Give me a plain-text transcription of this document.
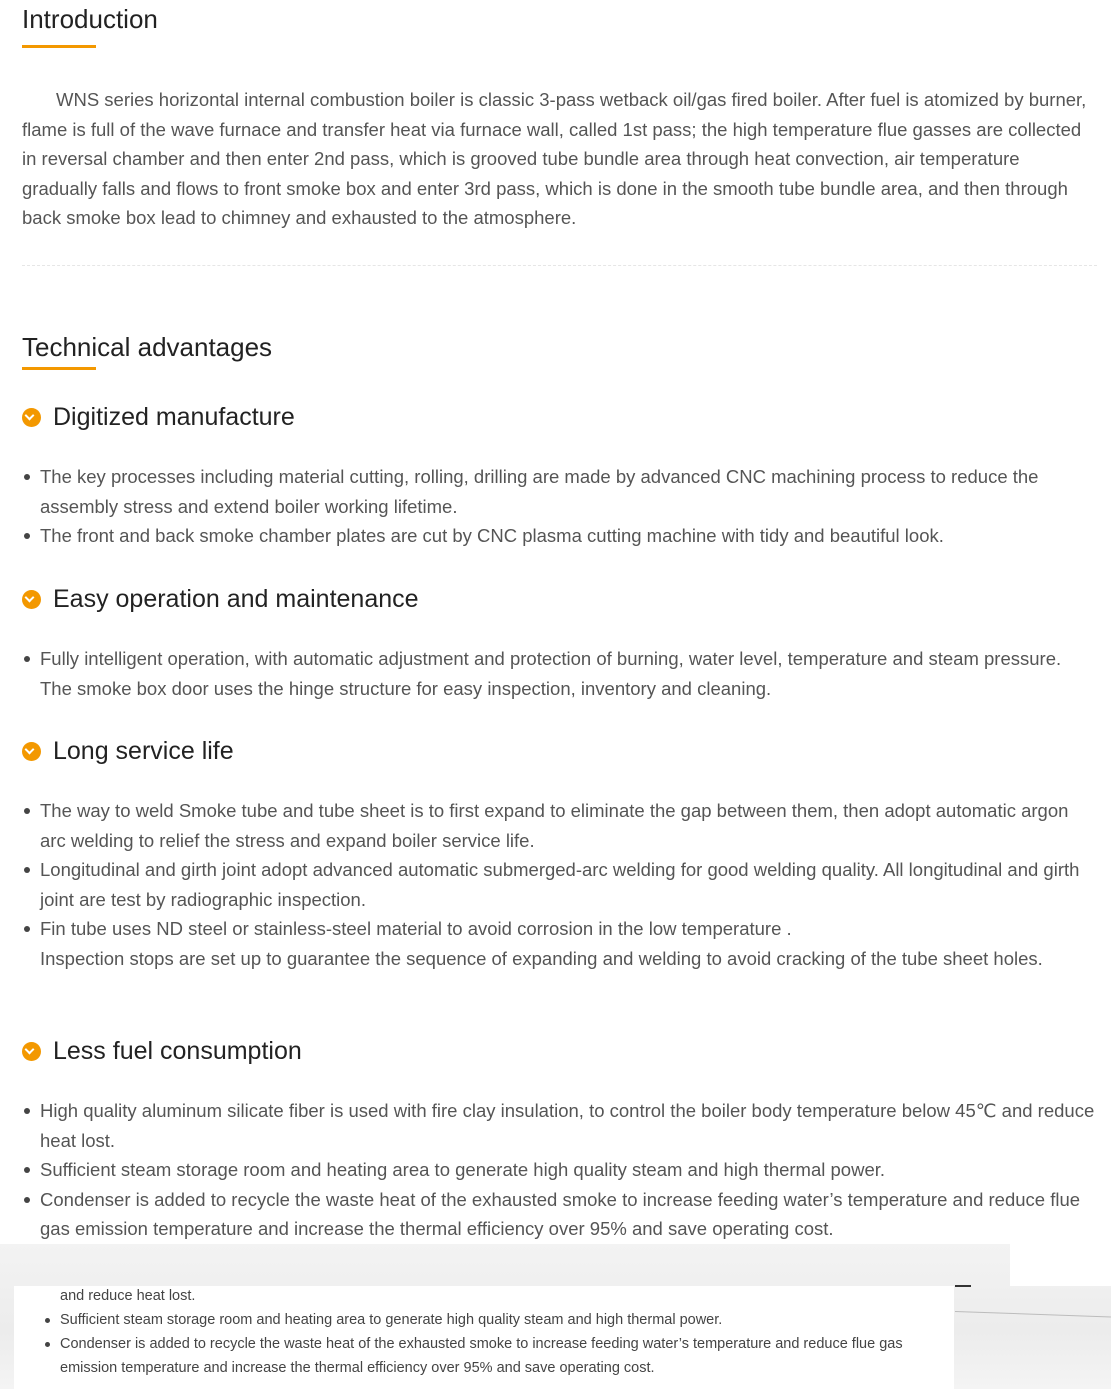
Introduction

WNS series horizontal internal combustion boiler is classic 3-pass wetback oil/gas fired boiler. After fuel is atomized by burner, flame is full of the wave furnace and transfer heat via furnace wall, called 1st pass; the high temperature flue gasses are collected in reversal chamber and then enter 2nd pass, which is grooved tube bundle area through heat convection, air temperature gradually falls and flows to front smoke box and enter 3rd pass, which is done in the smooth tube bundle area, and then through back smoke box lead to chimney and exhausted to the atmosphere.

Technical advantages
Digitized manufacture
The key processes including material cutting, rolling, drilling are made by advanced CNC machining process to reduce the assembly stress and extend boiler working lifetime.
The front and back smoke chamber plates are cut by CNC plasma cutting machine with tidy and beautiful look.
Easy operation and maintenance
Fully intelligent operation, with automatic adjustment and protection of burning, water level, temperature and steam pressure. The smoke box door uses the hinge structure for easy inspection, inventory and cleaning.
Long service life
The way to weld Smoke tube and tube sheet is to first expand to eliminate the gap between them, then adopt automatic argon arc welding to relief the stress and expand boiler service life.
Longitudinal and girth joint adopt advanced automatic submerged-arc welding for good welding quality. All longitudinal and girth joint are test by radiographic inspection.
Fin tube uses ND steel or stainless-steel material to avoid corrosion in the low temperature .
Inspection stops are set up to guarantee the sequence of expanding and welding to avoid cracking of the tube sheet holes.
Less fuel consumption
High quality aluminum silicate fiber is used with fire clay insulation, to control the boiler body temperature below 45℃ and reduce heat lost.
Sufficient steam storage room and heating area to generate high quality steam and high thermal power.
Condenser is added to recycle the waste heat of the exhausted smoke to increase feeding water’s temperature and reduce flue gas emission temperature and increase the thermal efficiency over 95% and save operating cost.
and reduce heat lost.
Sufficient steam storage room and heating area to generate high quality steam and high thermal power.
Condenser is added to recycle the waste heat of the exhausted smoke to increase feeding water’s temperature and reduce flue gas emission temperature and increase the thermal efficiency over 95% and save operating cost.
